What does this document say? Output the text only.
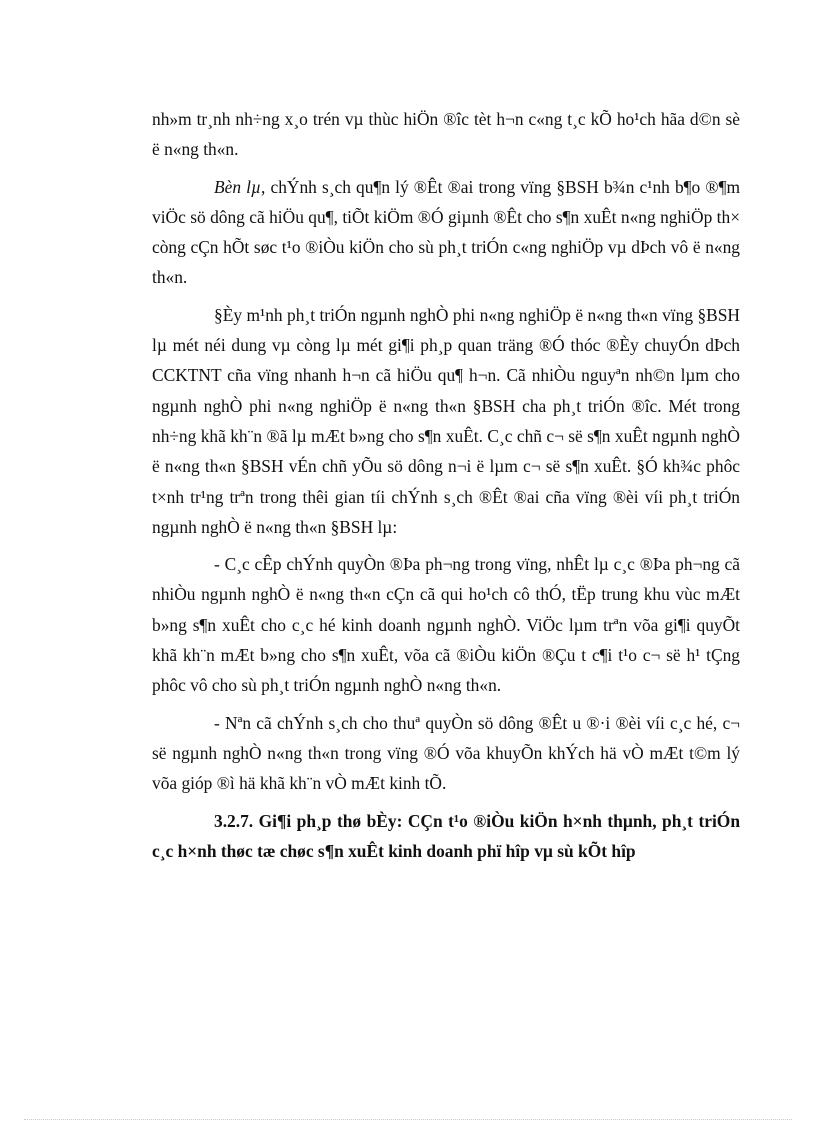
nh»m tr¸nh nh÷ng x¸o trén vµ thùc hiÖn ®îc tèt h¬n c«ng t¸c kÕ ho¹ch hãa d©n sè ë n«ng th«n.

Bèn lµ, chÝnh s¸ch qu¶n lý ®Êt ®ai trong vïng §BSH b¾n c¹nh b¶o ®¶m viÖc sö dông cã hiÖu qu¶, tiÕt kiÖm ®Ó giµnh ®Êt cho s¶n xuÊt n«ng nghiÖp th× còng cÇn hÕt søc t¹o ®iÒu kiÖn cho sù ph¸t triÓn c«ng nghiÖp vµ dÞch vô ë n«ng th«n.

§Èy m¹nh ph¸t triÓn ngµnh nghÒ phi n«ng nghiÖp ë n«ng th«n vïng §BSH lµ mét néi dung vµ còng lµ mét gi¶i ph¸p quan träng ®Ó thóc ®Èy chuyÓn dÞch CCKTNT cña vïng nhanh h¬n cã hiÖu qu¶ h¬n. Cã nhiÒu nguyªn nh©n lµm cho ngµnh nghÒ phi n«ng nghiÖp ë n«ng th«n §BSH cha ph¸t triÓn ®îc. Mét trong nh÷ng khã kh¨n ®ã lµ mÆt b»ng cho s¶n xuÊt. C¸c chñ c¬ së s¶n xuÊt ngµnh nghÒ ë n«ng th«n §BSH vÉn chñ yÕu sö dông n¬i ë lµm c¬ së s¶n xuÊt. §Ó kh¾c phôc t×nh tr¹ng trªn trong thêi gian tíi chÝnh s¸ch ®Êt ®ai cña vïng ®èi víi ph¸t triÓn ngµnh nghÒ ë n«ng th«n §BSH lµ:

- C¸c cÊp chÝnh quyÒn ®Þa ph¬ng trong vïng, nhÊt lµ c¸c ®Þa ph¬ng cã nhiÒu ngµnh nghÒ ë n«ng th«n cÇn cã qui ho¹ch cô thÓ, tËp trung khu vùc mÆt b»ng s¶n xuÊt cho c¸c hé kinh doanh ngµnh nghÒ. ViÖc lµm trªn võa gi¶i quyÕt khã kh¨n mÆt b»ng cho s¶n xuÊt, võa cã ®iÒu kiÖn ®Çu t c¶i t¹o c¬ së h¹ tÇng phôc vô cho sù ph¸t triÓn ngµnh nghÒ n«ng th«n.

- Nªn cã chÝnh s¸ch cho thuª quyÒn sö dông ®Êt u ®·i ®èi víi c¸c hé, c¬ së ngµnh nghÒ n«ng th«n trong vïng ®Ó võa khuyÕn khÝch hä vÒ mÆt t©m lý võa gióp ®ì hä khã kh¨n vÒ mÆt kinh tÕ.

3.2.7. Gi¶i ph¸p thø bÈy: CÇn t¹o ®iÒu kiÖn h×nh thµnh, ph¸t triÓn c¸c h×nh thøc tæ chøc s¶n xuÊt kinh doanh phï hîp vµ sù kÕt hîp
